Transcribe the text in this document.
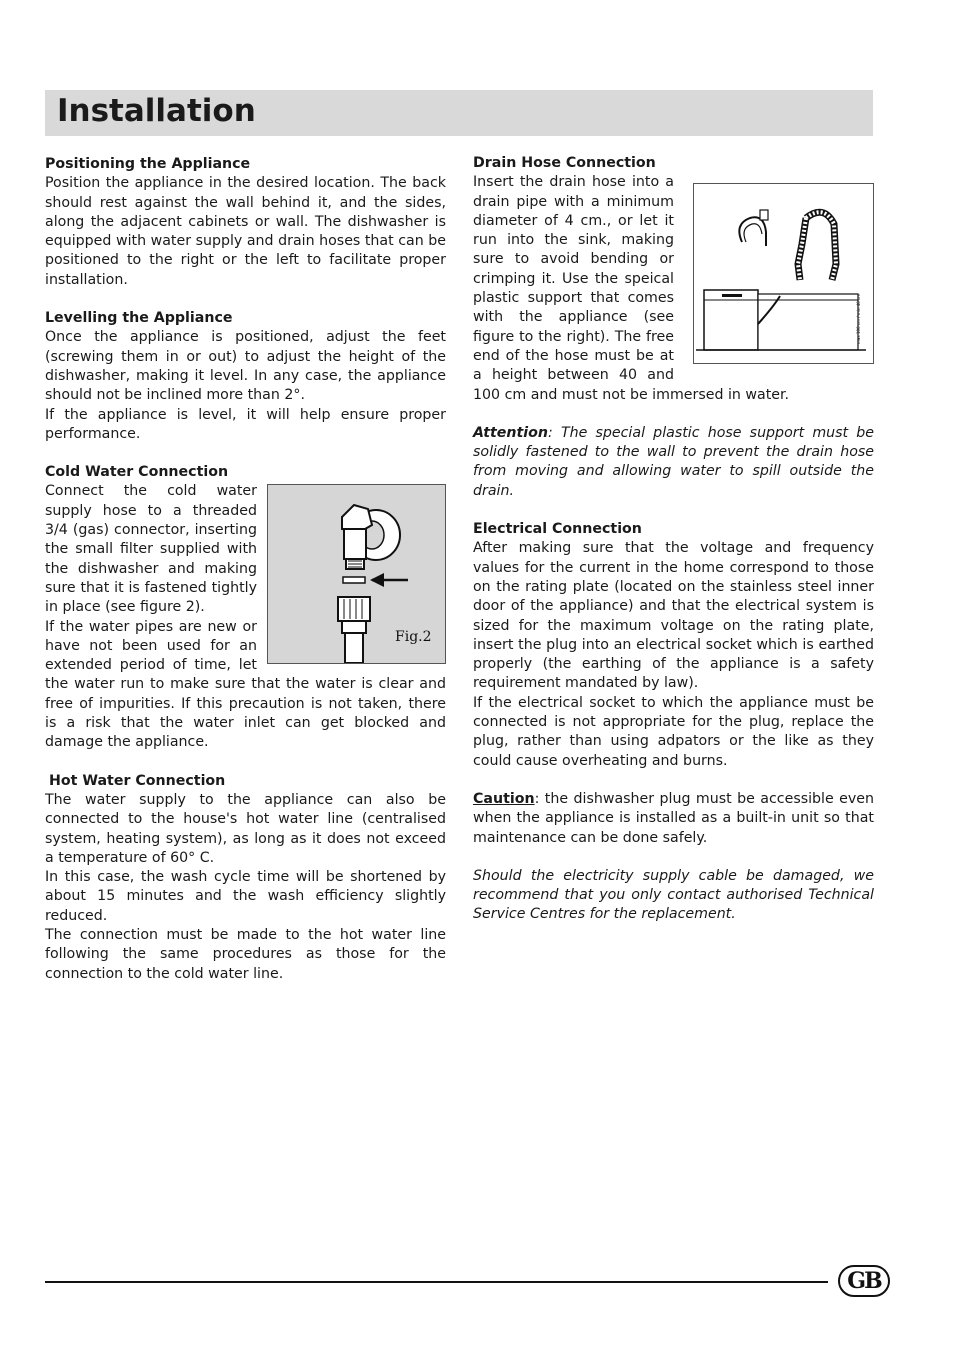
Installation
Positioning the Appliance

Position the appliance in the desired location. The back should rest against the wall behind it, and the sides, along the adjacent cabinets or wall. The dishwasher is equipped with water supply and drain hoses that can be positioned to the right or the left to facilitate proper installation.

Levelling the Appliance

Once the appliance is positioned, adjust the feet (screwing them in or out) to adjust the height of the dishwasher, making it level. In any case, the appliance should not be inclined more than 2°.

If the appliance is level, it will help ensure proper performance.

Cold Water Connection
Fig.2

Connect the cold water supply hose to a threaded 3/4 (gas) connector, inserting the small filter supplied with the dishwasher and making sure that it is fastened tightly in place (see figure 2).

If the water pipes are new or have not been used for an extended period of time, let the water run to make sure that the water is clear and free of impurities. If this precaution is not taken, there is a risk that the water inlet can get blocked and damage the appliance.

Hot Water Connection

The water supply to the appliance can also be connected to the house's hot water line (centralised system, heating system), as long as it does not exceed a temperature of 60° C.

In this case, the wash cycle time will be shortened by about 15 minutes and the wash efficiency slightly reduced.

The connection must be made to the hot water line following the same procedures as those for the connection to the cold water line.

Drain Hose Connection
max 100 cm / min 40 cm

Insert the drain hose into a drain pipe with a minimum diameter of 4 cm., or let it run into the sink, making sure to avoid bending or crimping it. Use the speical plastic support that comes with the appliance (see figure to the right). The free end of the hose must be at a height between 40 and 100 cm and must not be immersed in water.

Attention: The special plastic hose support must be solidly fastened to the wall to prevent the drain hose from moving and allowing water to spill outside the drain.

Electrical Connection

After making sure that the voltage and frequency values for the current in the home correspond to those on the rating plate (located on the stainless steel inner door of the appliance) and that the electrical system is sized for the maximum voltage on the rating plate, insert the plug into an electrical socket which is earthed properly (the earthing of the appliance is a safety requirement mandated by law).

If the electrical socket to which the appliance must be connected is not appropriate for the plug, replace the plug, rather than using adpators or the like as they could cause overheating and burns.

Caution: the dishwasher plug must be accessible even when the appliance is installed as a built-in unit so that maintenance can be done safely.

Should the electricity supply cable be damaged, we recommend that you only contact authorised Technical Service Centres for the replacement.

GB
